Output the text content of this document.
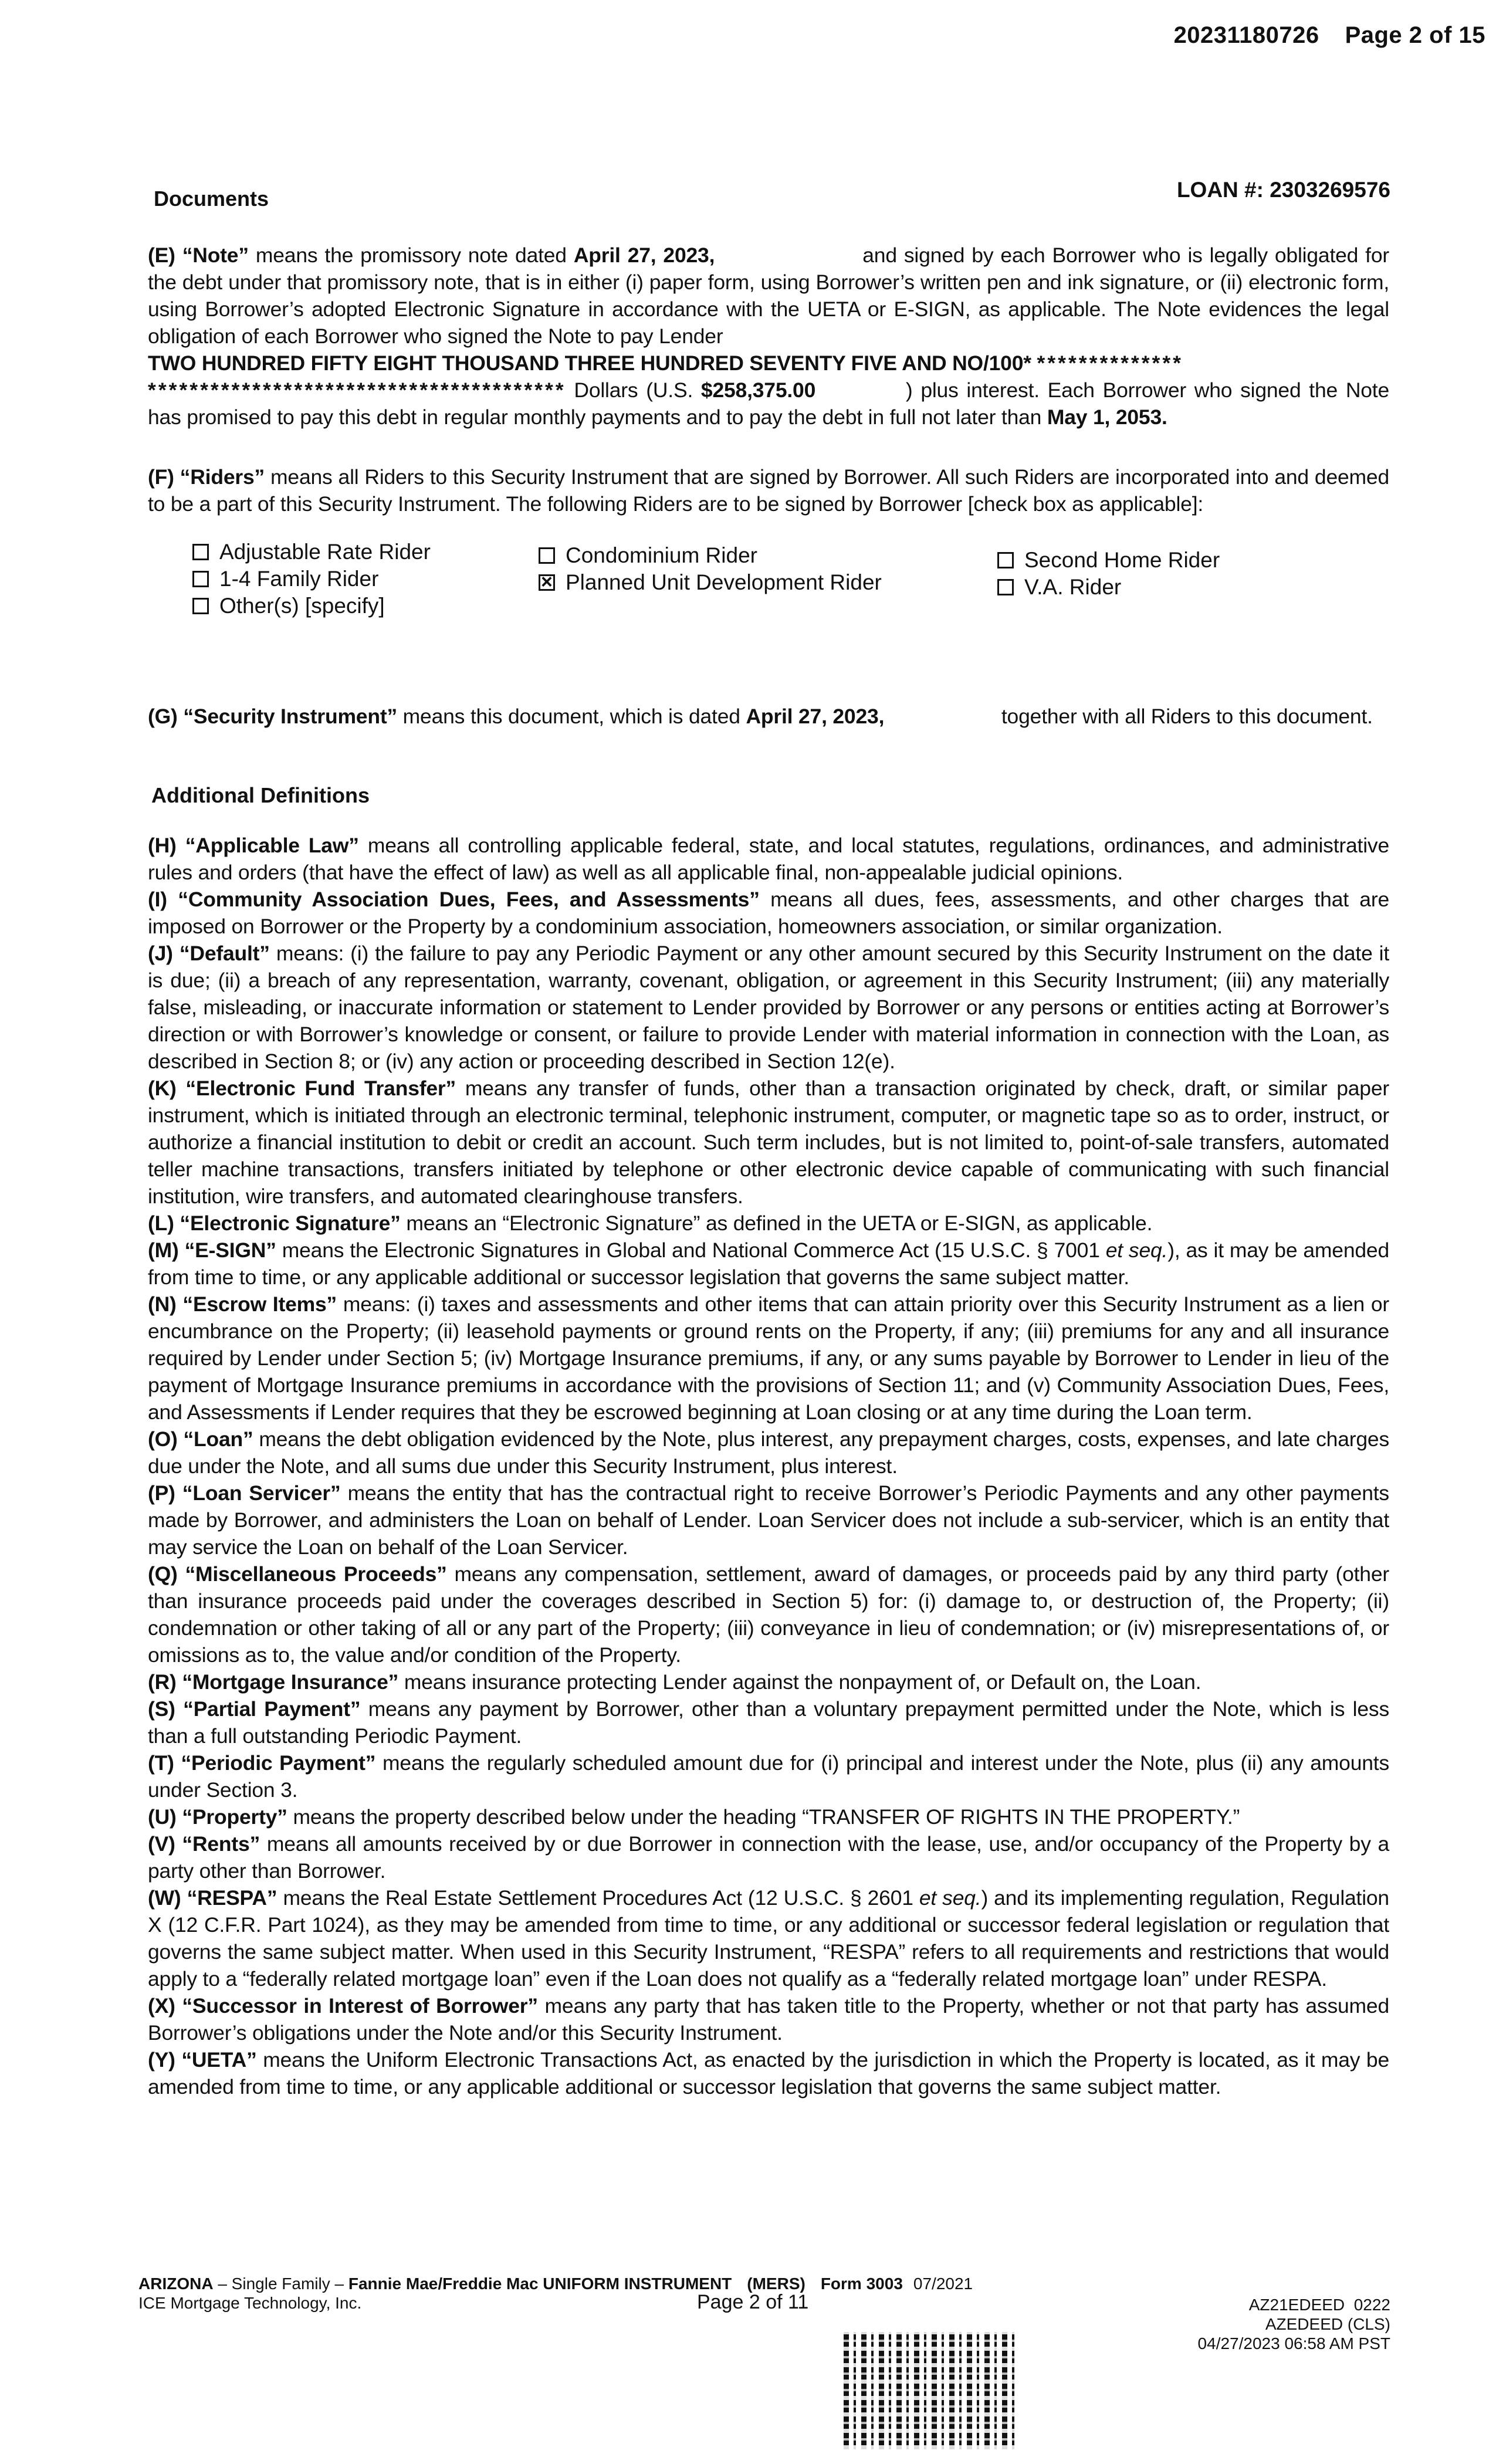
20231180726 Page 2 of 15
Documents	LOAN #: 2303269576

(E) “Note” means the promissory note dated April 27, 2023,	and signed by each Borrower who is legally obligated for the debt under that promissory note, that is in either (i) paper form, using Borrower’s written pen and ink signature, or (ii) electronic form, using Borrower’s adopted Electronic Signature in accordance with the UETA or E-SIGN, as applicable. The Note evidences the legal obligation of each Borrower who signed the Note to pay Lender

TWO HUNDRED FIFTY EIGHT THOUSAND THREE HUNDRED SEVENTY FIVE AND NO/100* **************

**************************************** Dollars (U.S. $258,375.00	) plus interest. Each Borrower who signed the Note has promised to pay this debt in regular monthly payments and to pay the debt in full not later than May 1, 2053.

(F) “Riders” means all Riders to this Security Instrument that are signed by Borrower. All such Riders are incorporated into and deemed to be a part of this Security Instrument. The following Riders are to be signed by Borrower [check box as applicable]:

Adjustable Rate Rider
1-4 Family Rider
Other(s) [specify]
Condominium Rider
×Planned Unit Development Rider
Second Home Rider
V.A. Rider

(G) “Security Instrument” means this document, which is dated April 27, 2023,	together with all Riders to this document.

Additional Definitions

(H) “Applicable Law” means all controlling applicable federal, state, and local statutes, regulations, ordinances, and administrative rules and orders (that have the effect of law) as well as all applicable final, non-appealable judicial opinions.

(I) “Community Association Dues, Fees, and Assessments” means all dues, fees, assessments, and other charges that are imposed on Borrower or the Property by a condominium association, homeowners association, or similar organization.

(J) “Default” means: (i) the failure to pay any Periodic Payment or any other amount secured by this Security Instrument on the date it is due; (ii) a breach of any representation, warranty, covenant, obligation, or agreement in this Security Instrument; (iii) any materially false, misleading, or inaccurate information or statement to Lender provided by Borrower or any persons or entities acting at Borrower’s direction or with Borrower’s knowledge or consent, or failure to provide Lender with material information in connection with the Loan, as described in Section 8; or (iv) any action or proceeding described in Section 12(e).

(K) “Electronic Fund Transfer” means any transfer of funds, other than a transaction originated by check, draft, or similar paper instrument, which is initiated through an electronic terminal, telephonic instrument, computer, or magnetic tape so as to order, instruct, or authorize a financial institution to debit or credit an account. Such term includes, but is not limited to, point-of-sale transfers, automated teller machine transactions, transfers initiated by telephone or other electronic device capable of communicating with such financial institution, wire transfers, and automated clearinghouse transfers.

(L) “Electronic Signature” means an “Electronic Signature” as defined in the UETA or E-SIGN, as applicable.

(M) “E-SIGN” means the Electronic Signatures in Global and National Commerce Act (15 U.S.C. § 7001 et seq.), as it may be amended from time to time, or any applicable additional or successor legislation that governs the same subject matter.

(N) “Escrow Items” means: (i) taxes and assessments and other items that can attain priority over this Security Instrument as a lien or encumbrance on the Property; (ii) leasehold payments or ground rents on the Property, if any; (iii) premiums for any and all insurance required by Lender under Section 5; (iv) Mortgage Insurance premiums, if any, or any sums payable by Borrower to Lender in lieu of the payment of Mortgage Insurance premiums in accordance with the provisions of Section 11; and (v) Community Association Dues, Fees, and Assessments if Lender requires that they be escrowed beginning at Loan closing or at any time during the Loan term.

(O) “Loan” means the debt obligation evidenced by the Note, plus interest, any prepayment charges, costs, expenses, and late charges due under the Note, and all sums due under this Security Instrument, plus interest.

(P) “Loan Servicer” means the entity that has the contractual right to receive Borrower’s Periodic Payments and any other payments made by Borrower, and administers the Loan on behalf of Lender. Loan Servicer does not include a sub-servicer, which is an entity that may service the Loan on behalf of the Loan Servicer.

(Q) “Miscellaneous Proceeds” means any compensation, settlement, award of damages, or proceeds paid by any third party (other than insurance proceeds paid under the coverages described in Section 5) for: (i) damage to, or destruction of, the Property; (ii) condemnation or other taking of all or any part of the Property; (iii) conveyance in lieu of condemnation; or (iv) misrepresentations of, or omissions as to, the value and/or condition of the Property.

(R) “Mortgage Insurance” means insurance protecting Lender against the nonpayment of, or Default on, the Loan.

(S) “Partial Payment” means any payment by Borrower, other than a voluntary prepayment permitted under the Note, which is less than a full outstanding Periodic Payment.

(T) “Periodic Payment” means the regularly scheduled amount due for (i) principal and interest under the Note, plus (ii) any amounts under Section 3.

(U) “Property” means the property described below under the heading “TRANSFER OF RIGHTS IN THE PROPERTY.”

(V) “Rents” means all amounts received by or due Borrower in connection with the lease, use, and/or occupancy of the Property by a party other than Borrower.

(W) “RESPA” means the Real Estate Settlement Procedures Act (12 U.S.C. § 2601 et seq.) and its implementing regulation, Regulation X (12 C.F.R. Part 1024), as they may be amended from time to time, or any additional or successor federal legislation or regulation that governs the same subject matter. When used in this Security Instrument, “RESPA” refers to all requirements and restrictions that would apply to a “federally related mortgage loan” even if the Loan does not qualify as a “federally related mortgage loan” under RESPA.

(X) “Successor in Interest of Borrower” means any party that has taken title to the Property, whether or not that party has assumed Borrower’s obligations under the Note and/or this Security Instrument.

(Y) “UETA” means the Uniform Electronic Transactions Act, as enacted by the jurisdiction in which the Property is located, as it may be amended from time to time, or any applicable additional or successor legislation that governs the same subject matter.

ARIZONA – Single Family – Fannie Mae/Freddie Mac UNIFORM INSTRUMENT (MERS) Form 3003 07/2021
ICE Mortgage Technology, Inc.	Page 2 of 11	AZ21EDEED  0222
AZEDEED (CLS)
04/27/2023 06:58 AM PST
